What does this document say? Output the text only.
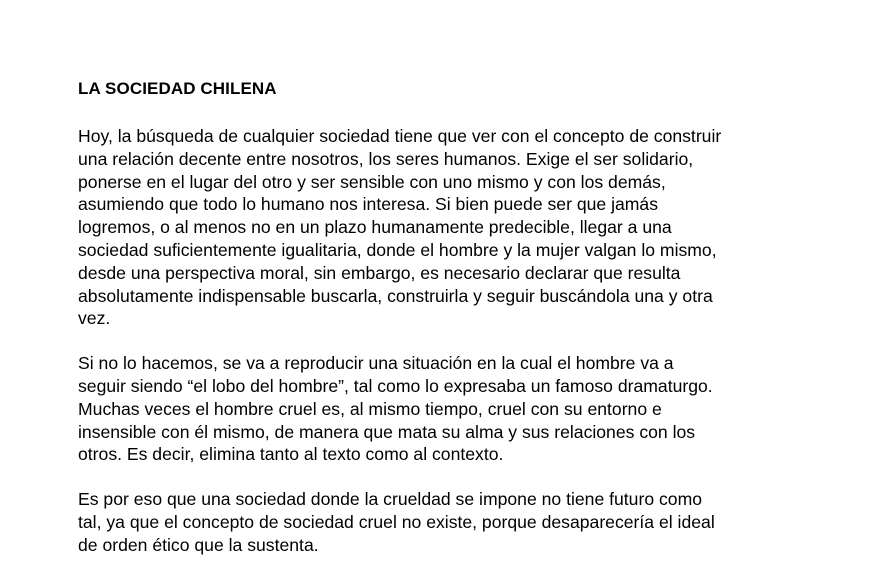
LA SOCIEDAD CHILENA
Hoy, la búsqueda de cualquier sociedad tiene que ver con el concepto de construir
una relación decente entre nosotros, los seres humanos. Exige el ser solidario,
ponerse en el lugar del otro y ser sensible con uno mismo y con los demás,
asumiendo que todo lo humano nos interesa. Si bien puede ser que jamás
logremos, o al menos no en un plazo humanamente predecible, llegar a una
sociedad suficientemente igualitaria, donde el hombre y la mujer valgan lo mismo,
desde una perspectiva moral, sin embargo, es necesario declarar que resulta
absolutamente indispensable buscarla, construirla y seguir buscándola una y otra
vez.
Si no lo hacemos, se va a reproducir una situación en la cual el hombre va a
seguir siendo “el lobo del hombre”, tal como lo expresaba un famoso dramaturgo.
Muchas veces el hombre cruel es, al mismo tiempo, cruel con su entorno e
insensible con él mismo, de manera que mata su alma y sus relaciones con los
otros. Es decir, elimina tanto al texto como al contexto.
Es por eso que una sociedad donde la crueldad se impone no tiene futuro como
tal, ya que el concepto de sociedad cruel no existe, porque desaparecería el ideal
de orden ético que la sustenta.
